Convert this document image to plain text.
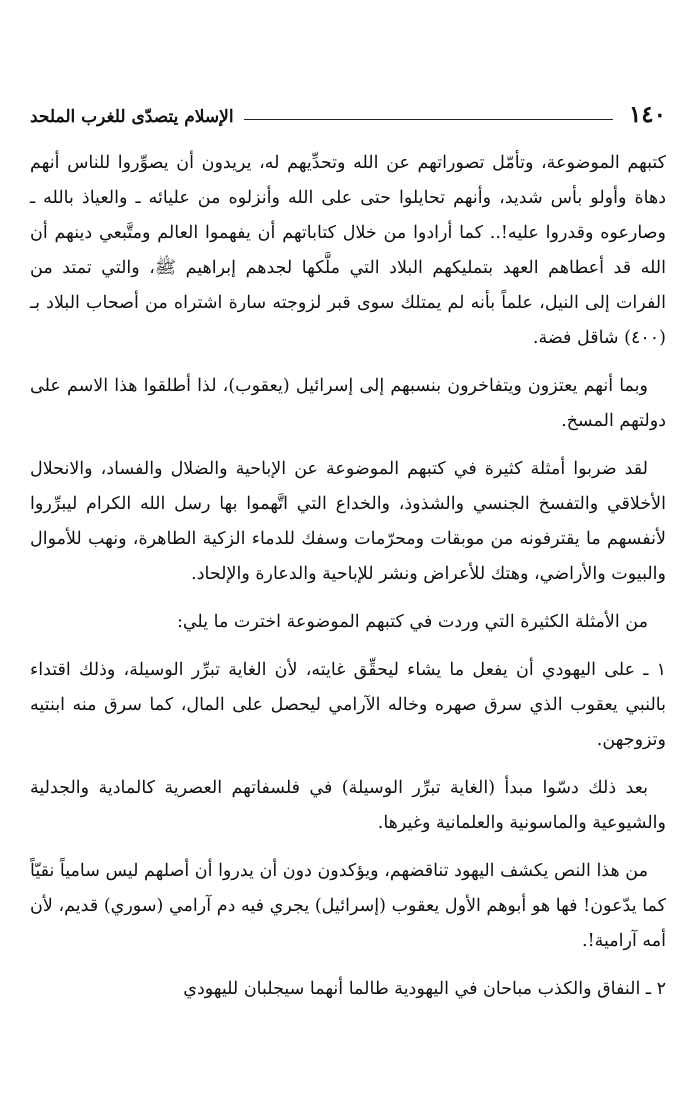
١٤٠
الإسلام يتصدّى للغرب الملحد

كتبهم الموضوعة، وتأمّل تصوراتهم عن الله وتحدِّيهم له، يريدون أن يصوِّروا للناس أنهم دهاة وأولو بأس شديد، وأنهم تحايلوا حتى على الله وأنزلوه من عليائه ـ والعياذ بالله ـ وصارعوه وقدروا عليه!.. كما أرادوا من خلال كتاباتهم أن يفهموا العالم ومتَّبعي دينهم أن الله قد أعطاهم العهد بتمليكهم البلاد التي ملَّكها لجدهم إبراهيم ﷺ، والتي تمتد من الفرات إلى النيل، علماً بأنه لم يمتلك سوى قبر لزوجته سارة اشتراه من أصحاب البلاد بـ (٤٠٠) شاقل فضة.

وبما أنهم يعتزون ويتفاخرون بنسبهم إلى إسرائيل (يعقوب)، لذا أطلقوا هذا الاسم على دولتهم المسخ.

لقد ضربوا أمثلة كثيرة في كتبهم الموضوعة عن الإباحية والضلال والفساد، والانحلال الأخلاقي والتفسخ الجنسي والشذوذ، والخداع التي اتَّهموا بها رسل الله الكرام ليبرِّروا لأنفسهم ما يقترفونه من موبقات ومحرّمات وسفك للدماء الزكية الطاهرة، ونهب للأموال والبيوت والأراضي، وهتك للأعراض ونشر للإباحية والدعارة والإلحاد.

من الأمثلة الكثيرة التي وردت في كتبهم الموضوعة اخترت ما يلي:

١ ـ على اليهودي أن يفعل ما يشاء ليحقِّق غايته، لأن الغاية تبرِّر الوسيلة، وذلك اقتداء بالنبي يعقوب الذي سرق صهره وخاله الآرامي ليحصل على المال، كما سرق منه ابنتيه وتزوجهن.

بعد ذلك دسّوا مبدأ (الغاية تبرِّر الوسيلة) في فلسفاتهم العصرية كالمادية والجدلية والشيوعية والماسونية والعلمانية وغيرها.

من هذا النص يكشف اليهود تناقضهم، ويؤكدون دون أن يدروا أن أصلهم ليس سامياً نقيّاً كما يدّعون! فها هو أبوهم الأول يعقوب (إسرائيل) يجري فيه دم آرامي (سوري) قديم، لأن أمه آرامية!.

٢ ـ النفاق والكذب مباحان في اليهودية طالما أنهما سيجلبان لليهودي
